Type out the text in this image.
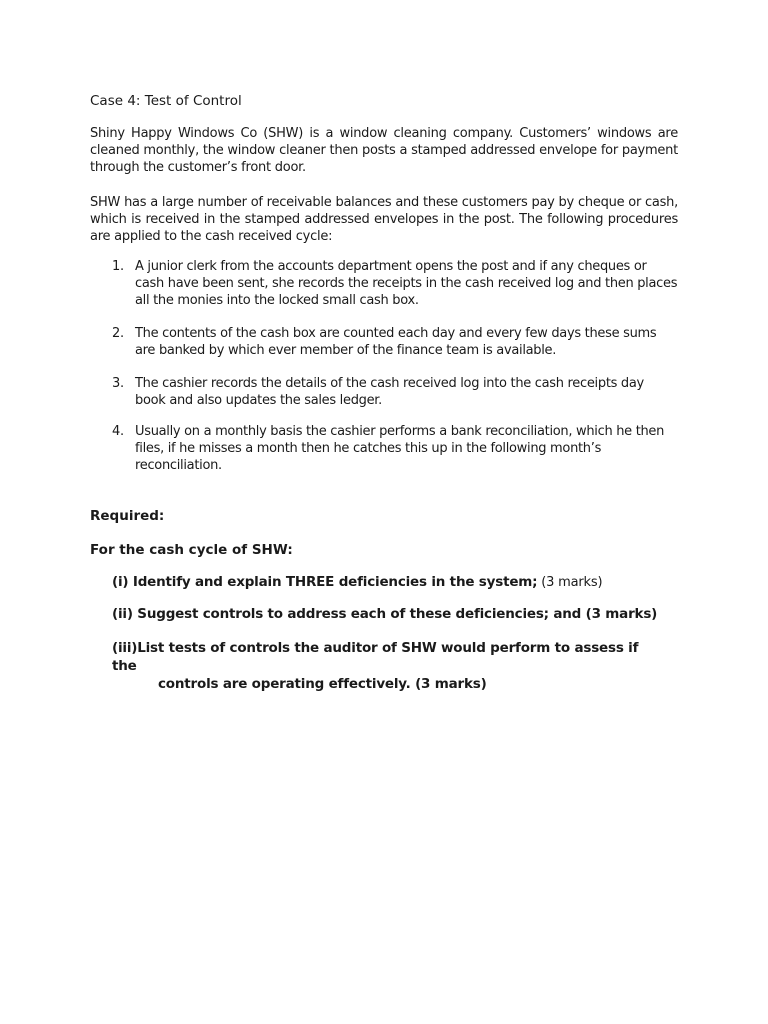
Case 4: Test of Control
Shiny Happy Windows Co (SHW) is a window cleaning company. Customers’ windows are cleaned monthly, the window cleaner then posts a stamped addressed envelope for payment through the customer’s front door.
SHW has a large number of receivable balances and these customers pay by cheque or cash, which is received in the stamped addressed envelopes in the post. The following procedures are applied to the cash received cycle:
1. A junior clerk from the accounts department opens the post and if any cheques or cash have been sent, she records the receipts in the cash received log and then places all the monies into the locked small cash box.
2. The contents of the cash box are counted each day and every few days these sums are banked by which ever member of the finance team is available.
3. The cashier records the details of the cash received log into the cash receipts day book and also updates the sales ledger.
4. Usually on a monthly basis the cashier performs a bank reconciliation, which he then files, if he misses a month then he catches this up in the following month’s reconciliation.
Required:
For the cash cycle of SHW:
(i) Identify and explain THREE deficiencies in the system; (3 marks)
(ii) Suggest controls to address each of these deficiencies; and (3 marks)
(iii)List tests of controls the auditor of SHW would perform to assess if the
controls are operating effectively. (3 marks)
